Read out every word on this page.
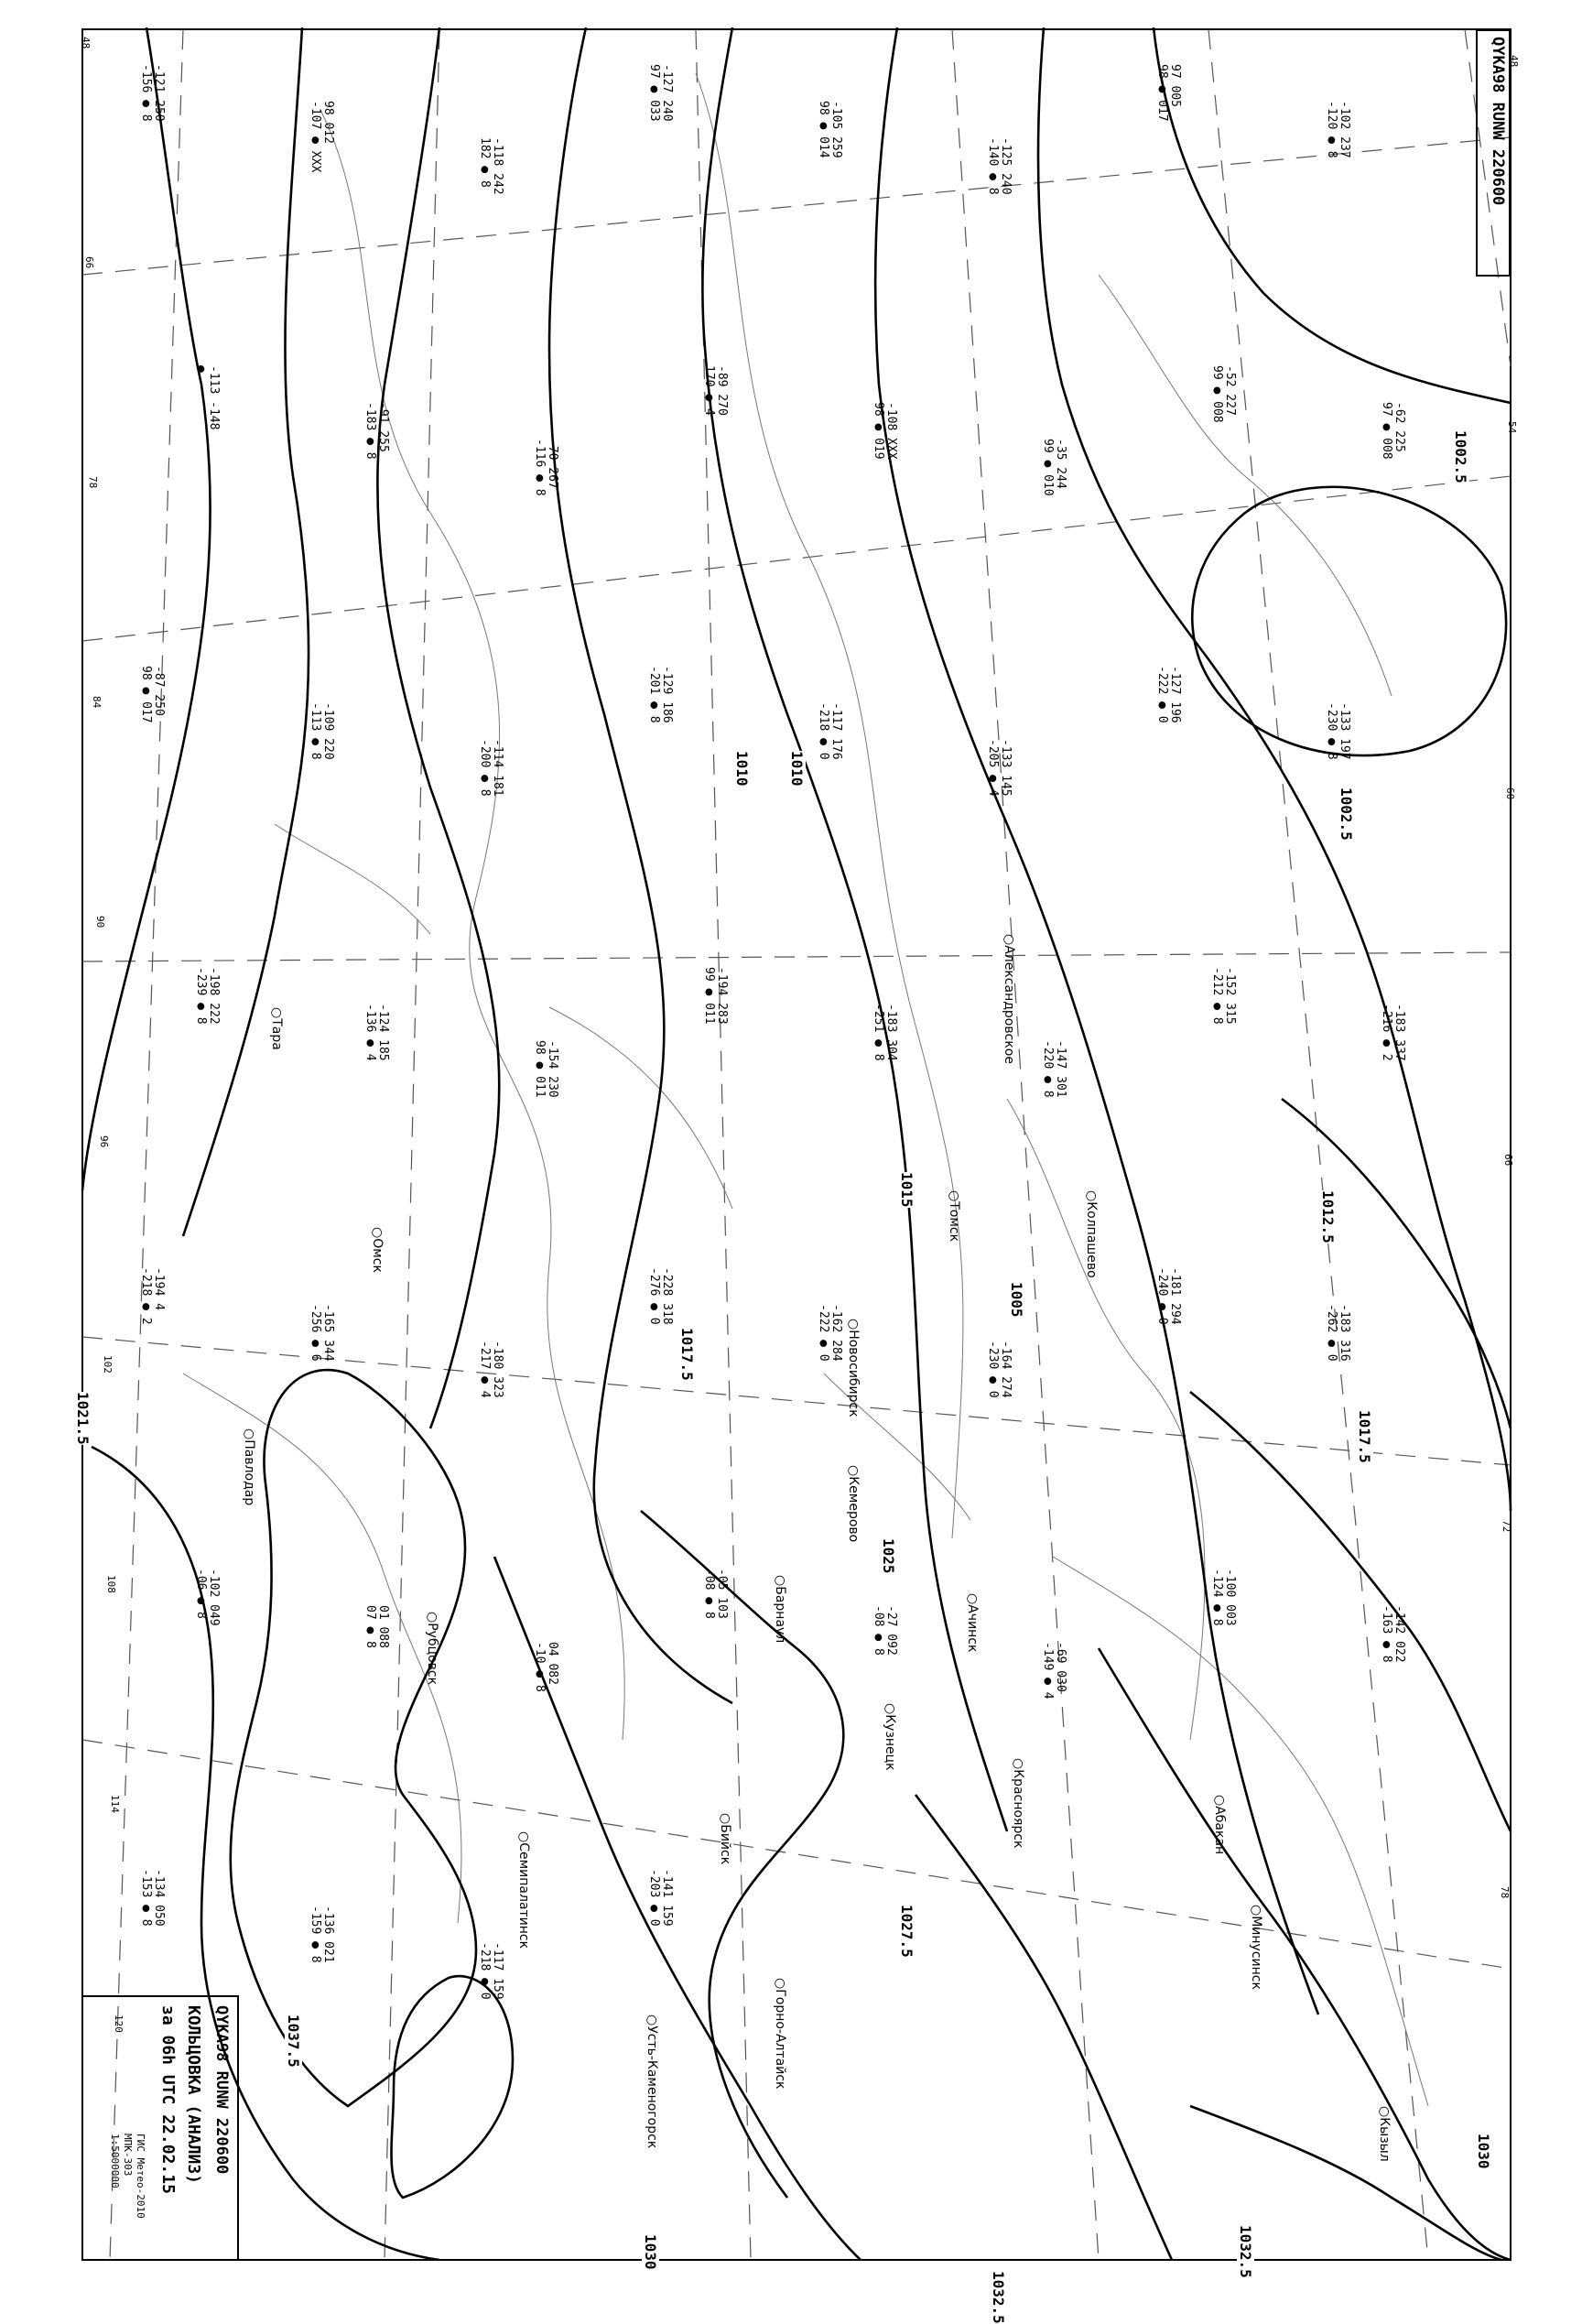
QYKA98 RUNW 220600
QYKA98 RUNW 220600
КОЛЬЦОВКА (АНАЛИЗ)
за 06h UTC 22.02.15
ГИС Метео-2010
МПК-303
1:5000000
1002.5
1002.5
1010
1012.5
1015
1017.5
1017.5
1021.5
1025
1027.5
1030
1030
1032.5
1032.5
1037.5
1010
1005
○Томск
○Новосибирск
○Барнаул
○Кемерово
○Омск
○Тара
○Кузнецк
○Красноярск
○Ачинск
○Александровское
○Колпашево
○Абакан
○Минусинск
○Кызыл
○Бийск
○Горно-Алтайск
○Рубцовск
○Павлодар
○Семипалатинск
○Усть-Каменогорск
-121 250
-156 ● 8
98 012
-107 ● XXX	-118 242
182 ● 8
-127 240
97 ● 033
-105 259
98 ● 014
-125 240
-140 ● 8
97 005
98 ● 017
-102 237
-120 ● 8
-113 -148
●
-91 255
-183 ● 8
-70 267
-116 ● 8
-89 270
170 ● 4
-108 XXX
98 ● 019
-35 244
99 ● 010
-52 227
99 ● 008
-62 225
97 ● 008
-87 250
98 ● 017
-109 220
-113 ● 8
-114 181
-200 ● 8
-129 186
-201 ● 8
-117 176
-218 ● 0
-133 145
-205 ● 4
-127 196
-222 ● 0
-133 197
-230 ● 8
-198 222
-239 ● 8
-124 185
-136 ● 4
-154 230
98 ● 011
-194 283
99 ● 011
-183 304
-251 ● 8
-147 301
-220 ● 8
-152 315
-212 ● 8
-183 337
-216 ● 2
-194 4
-218 ● 2
-165 344
-256 ● 6
-180 323
-217 ● 4
-228 318
-276 ● 0
-162 284
-222 ● 0
-164 274
-230 ● 0
-181 294
-240 ● 0
-183 316
-262 ● 0
-102 049
-06 ● 8
01 088
07 ● 8
04 082
-10 ● 8
-05 103
-08 ● 8
-27 092
-08 ● 8
-69 030
-149 ● 4
-100 003
-124 ● 8
-142 022
-163 ● 8
-134 050
-153 ● 8
-136 021
-159 ● 8
-117 159
-218 ● 0
-141 159
-203 ● 0
48
66
78
84
90
96
102
108
114
120
48
54
60
66
72
78
